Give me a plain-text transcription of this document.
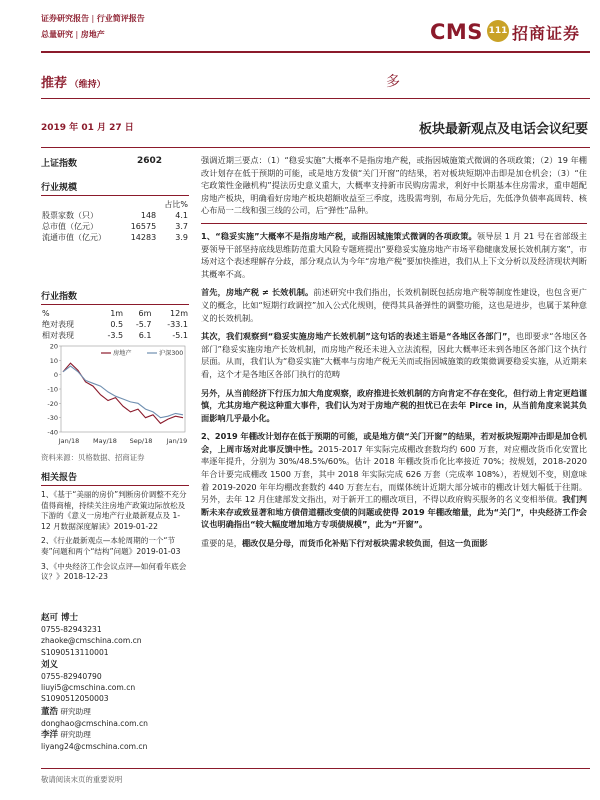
证券研究报告 | 行业简评报告
总量研究 | 房地产	CMS 111 招商证券
推荐 （维持）	多
2019 年 01 月 27 日	板块最新观点及电话会议纪要
上证指数	2602
行业规模
		占比%
股票家数（只）	148	4.1
总市值（亿元）	16575	3.7
流通市值（亿元）	14283	3.9
行业指数
%	1m	6m	12m
绝对表现	0.5	-5.7	-33.1
相对表现	-3.5	6.1	-5.1
20
10
0
-10
-20
-30
-40
Jan/18 May/18 Sep/18 Jan/19
房地产	沪深300
资料来源：贝格数据、招商证券
相关报告
1、《基于“美丽的房价”判断房价调整不充分值得商榷，持续关注房地产政策边际放松及下游的《意义一房地产行业最新观点及 1-12 月数据深度解读》2019-01-22
2、《行业最新观点—本轮周期的一个“节奏”问题和两个“结构”问题》2019-01-03
3、《中央经济工作会议点评—如何看年底会议？》2018-12-23
赵可 博士
0755-82943231
zhaoke@cmschina.com.cn
S1090513110001
刘义
0755-82940790
liuyi5@cmschina.com.cn
S1090512050003
董浩 研究助理
donghao@cmschina.com.cn
李洋 研究助理
liyang24@cmschina.com.cn

强调近期三要点：（1）“稳妥实施”大概率不是指房地产税，或指因城施策式微调的各项政策；（2）19 年棚改计划存在低于预期的可能，或是地方发债“关门开窗”的结果，若对板块短期冲击即是加仓机会；（3）“住宅政策性金融机构”提法历史意义重大，大概率支持新市民购房需求，利好中长期基本住房需求，重申超配房地产板块，明确看好房地产板块超额收益至三季度，选股需弯别，布局分先后，先低净负债率高周转、核心布局一二线和强三线的公司，后“弹性”品种。

1、“稳妥实施”大概率不是指房地产税，或指因城施策式微调的各项政策。领导层 1 月 21 号在省部级主要领导干部坚持底线思维防范重大风险专题班提出“要稳妥实施房地产市场平稳健康发展长效机制方案”，市场对这个表述理解存分歧，部分观点认为今年“房地产税”要加快推进，我们从上下文分析以及经济现状判断其概率不高。

首先，房地产税 ≠ 长效机制。前述研究中我们指出，长效机制既包括房地产税等制度性建设，也包含更广义的概念，比如“短期行政调控”加入公式化规则，使得其具备弹性的调整功能，这也是进步，也属于某种意义的长效机制。

其次，我们观察到“稳妥实施房地产长效机制”这句话的表述主语是“各地区各部门”，也即要求“各地区各部门”稳妥实施房地产长效机制，而房地产税还未进入立法流程，因此大概率还未到各地区各部门这个执行层面。从而，我们认为“稳妥实施”大概率与房地产税无关而或指因城施策的政策微调要稳妥实施，从近期来看，这个才是各地区各部门执行的范畴

另外，从当前经济下行压力加大角度观察，政府推进长效机制的方向肯定不存在变化，但行动上肯定更趋谨慎，尤其房地产税这种重大事件，我们认为对于房地产税的担忧已在去年 Pirce in，从当前角度来说其负面影响几乎最小化。

2、2019 年棚改计划存在低于预期的可能，或是地方债“关门开窗”的结果，若对板块短期冲击即是加仓机会，上周市场对此事反馈中性。2015-2017 年实际完成棚改套数均约 600 万套，对应棚改货币化安置比率逐年提升，分别为 30%/48.5%/60%。估计 2018 年棚改货币化比率接近 70%；按规划，2018-2020 年合计要完成棚改 1500 万套，其中 2018 年实际完成 626 万套（完成率 108%），若规划不变，则意味着 2019-2020 年年均棚改套数约 440 万套左右，而媒体统计近期大部分城市的棚改计划大幅低于往期。另外，去年 12 月住建部发文指出，对于新开工的棚改项目，不得以政府购买服务的名义变相举债。我们判断未来存或致显著和地方债借道棚改变债的问题或使得 2019 年棚改缩量，此为“关门”，中央经济工作会议也明确指出“较大幅度增加地方专项债规模”，此为“开窗”。

重要的是，棚改仅是分母，而货币化补贴下行对板块需求较负面，但这一负面影

敬请阅读末页的重要说明
